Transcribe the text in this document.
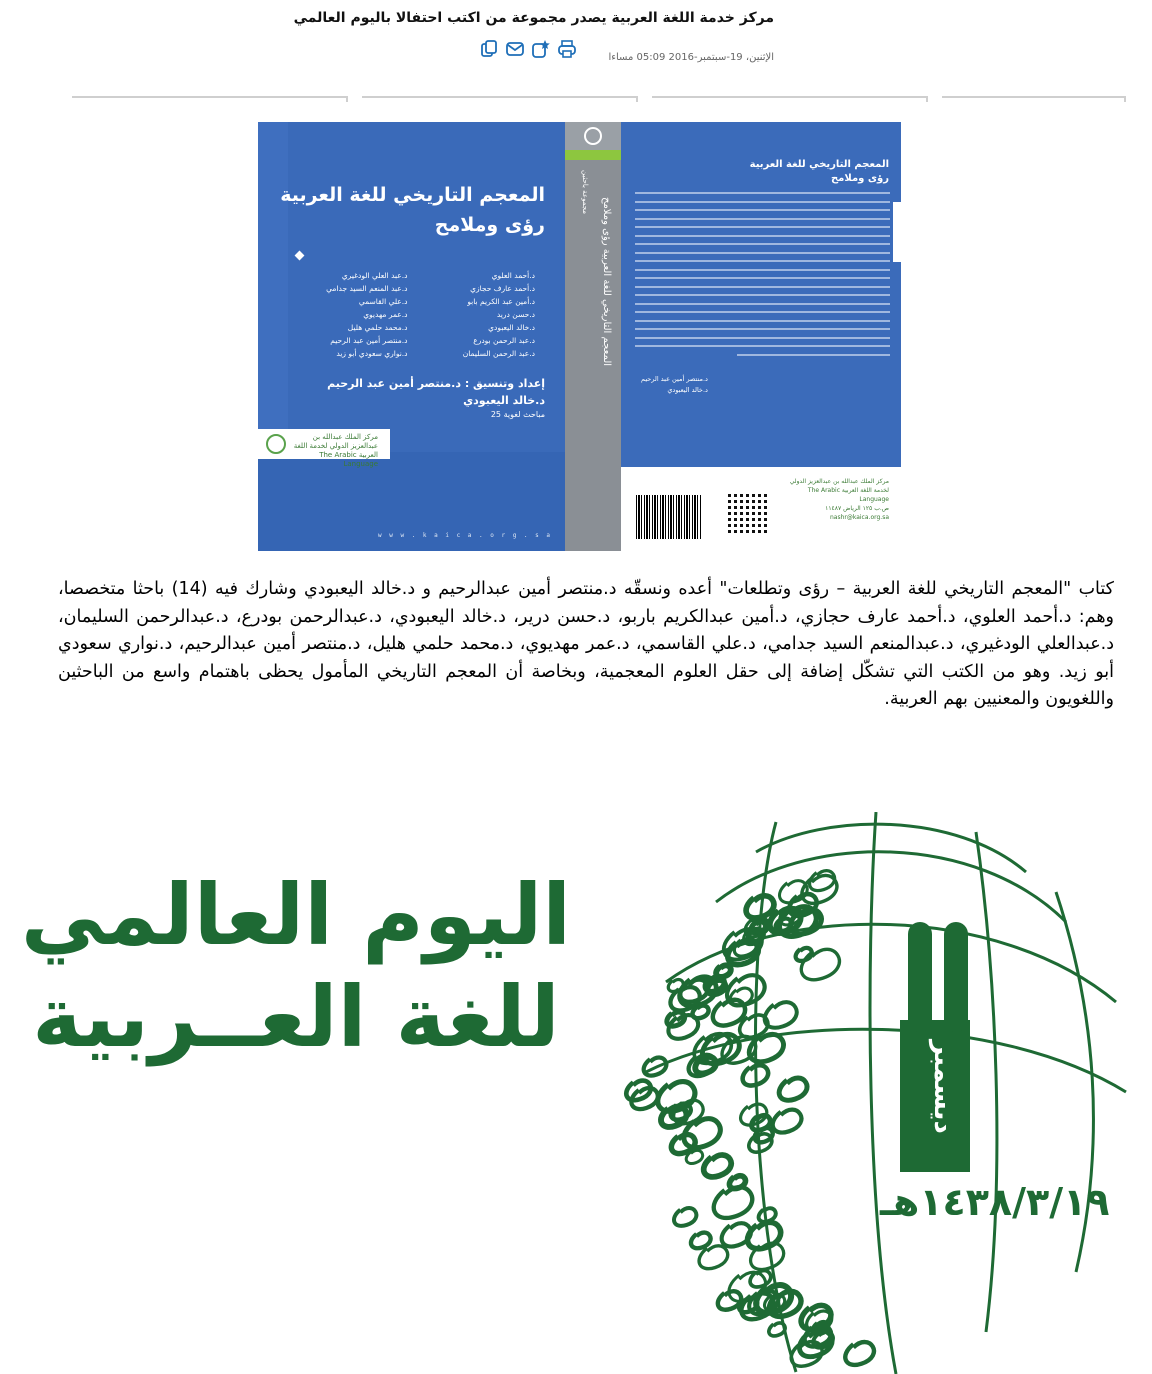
مركز خدمة اللغة العربية يصدر مجموعة من اكتب احتفالا باليوم العالمي
الإثنين، 19-سبتمبر-2016 05:09 مساءا
المعجم التاريخي للغة العربية
رؤى وملامح
د.أحمد العلوي
د.عبد العلي الودغيري
د.أحمد عارف حجازي
د.عبد المنعم السيد جدامي
د.أمين عبد الكريم بابو
د.علي القاسمي
د.حسن دريد
د.عمر مهديوي
د.خالد اليعبودي
د.محمد حلمي هليل
د.عبد الرحمن بودرع
د.منتصر أمين عبد الرحيم
د.عبد الرحمن السليمان
د.نواري سعودي أبو زيد
إعداد وتنسيق : د.منتصر أمين عبد الرحيم
د.خالد اليعبودي
مباحث لغوية 25
مركز الملك عبدالله بن عبدالعزيز الدولي لخدمة اللغة العربية The Arabic Language
w w w . k a i c a . o r g . s a
مجموعة باحثين
المعجم التاريخي للغة العربية رؤى وملامح
المعجم التاريخي للغة العربية
رؤى وملامح
د.منتصر أمين عبد الرحيم
د.خالد اليعبودي
مركز الملك عبدالله بن عبدالعزيز الدولي لخدمة اللغة العربية The Arabic Language
ص.ب ١٢٥ الرياض ١١٤٨٧ nashr@kaica.org.sa
كتاب "المعجم التاريخي للغة العربية – رؤى وتطلعات" أعده ونسقّه د.منتصر أمين عبدالرحيم و د.خالد اليعبودي وشارك فيه (14) باحثا متخصصا، وهم: د.أحمد العلوي، د.أحمد عارف حجازي، د.أمين عبدالكريم باربو، د.حسن درير، د.خالد اليعبودي، د.عبدالرحمن بودرع، د.عبدالرحمن السليمان، د.عبدالعلي الودغيري، د.عبدالمنعم السيد جدامي، د.علي القاسمي، د.عمر مهديوي، د.محمد حلمي هليل، د.منتصر أمين عبدالرحيم، د.نواري سعودي أبو زيد. وهو من الكتب التي تشكّل إضافة إلى حقل العلوم المعجمية، وبخاصة أن المعجم التاريخي المأمول يحظى باهتمام واسع من الباحثين واللغويون والمعنيين بهم العربية.
اليوم العالمي
للغة العــربية
ديسمبر
١٤٣٨/٣/١٩هـ
